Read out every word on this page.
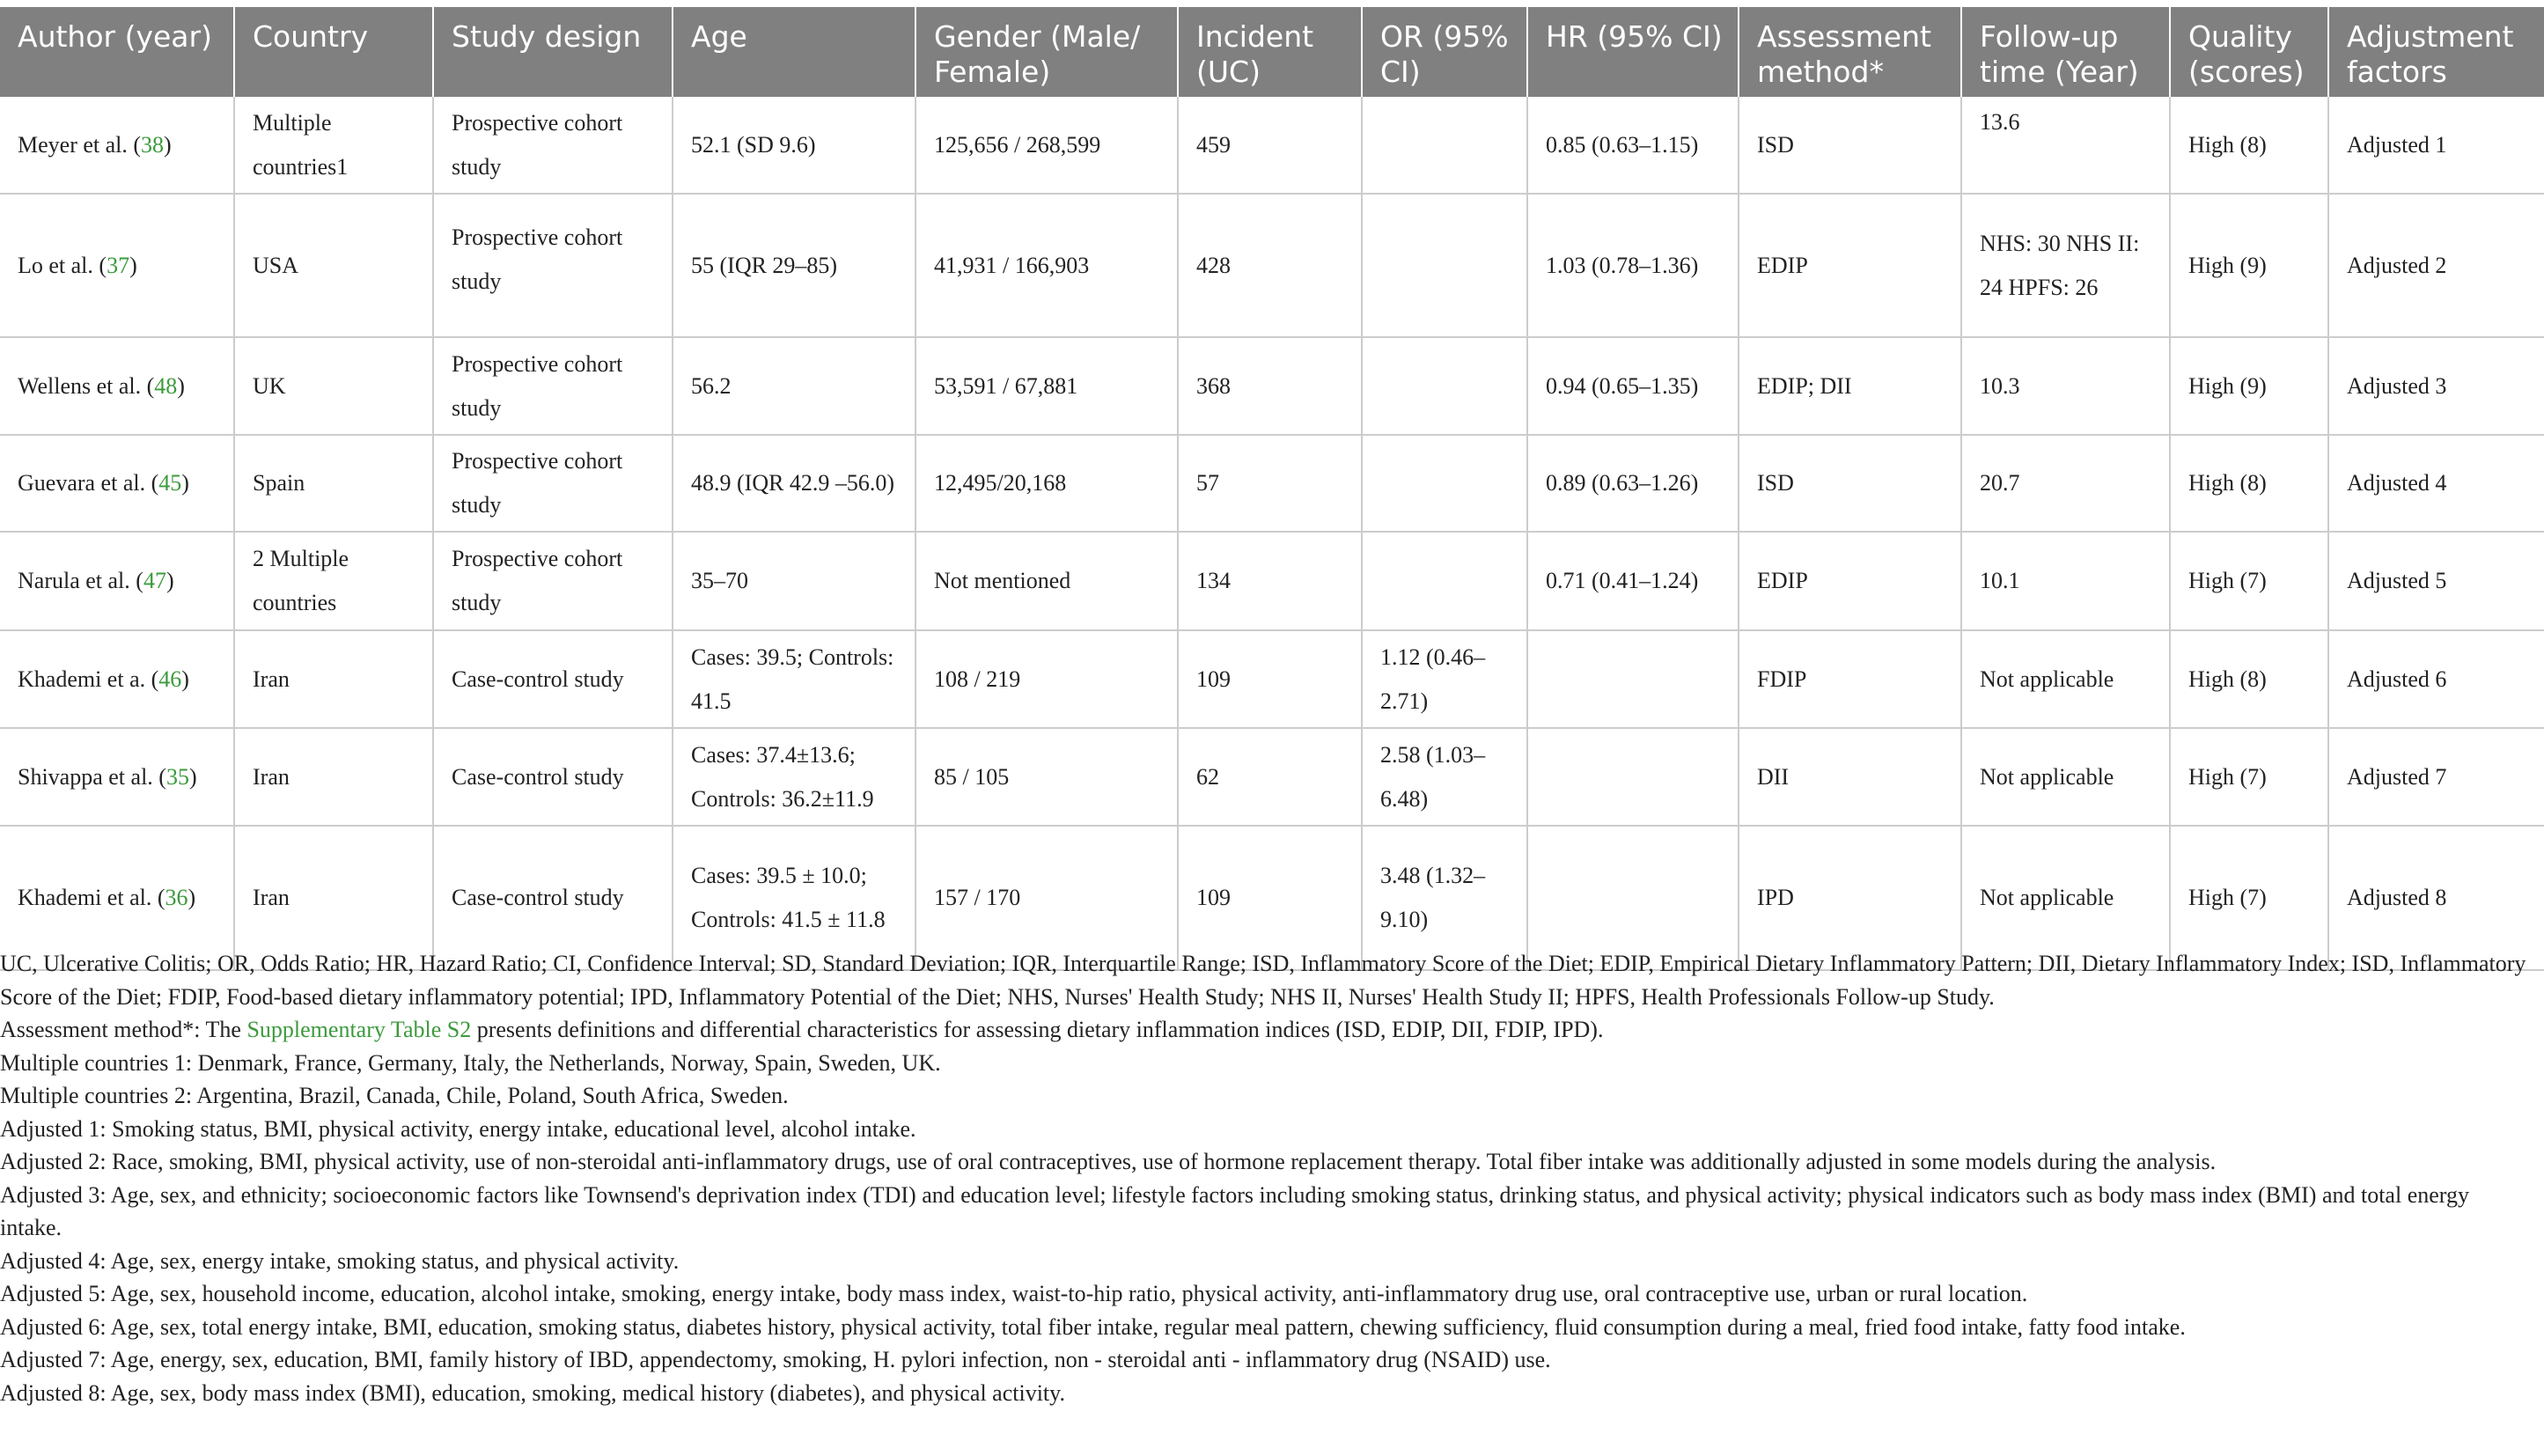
Author (year)	Country	Study design	Age	Gender (Male/ Female)	Incident (UC)	OR (95% CI)	HR (95% CI)	Assessment method*	Follow-up time (Year)	Quality (scores)	Adjustment factors
Meyer et al. (38)	Multiple countries1	Prospective cohort study	52.1 (SD 9.6)	125,656 / 268,599	459		0.85 (0.63–1.15)	ISD	13.6	High (8)	Adjusted 1
Lo et al. (37)	USA	Prospective cohort study	55 (IQR 29–85)	41,931 / 166,903	428		1.03 (0.78–1.36)	EDIP	NHS: 30 NHS II: 24 HPFS: 26	High (9)	Adjusted 2
Wellens et al. (48)	UK	Prospective cohort study	56.2	53,591 / 67,881	368		0.94 (0.65–1.35)	EDIP; DII	10.3	High (9)	Adjusted 3
Guevara et al. (45)	Spain	Prospective cohort study	48.9 (IQR 42.9 –56.0)	12,495/20,168	57		0.89 (0.63–1.26)	ISD	20.7	High (8)	Adjusted 4
Narula et al. (47)	2 Multiple countries	Prospective cohort study	35–70	Not mentioned	134		0.71 (0.41–1.24)	EDIP	10.1	High (7)	Adjusted 5
Khademi et a. (46)	Iran	Case-control study	Cases: 39.5; Controls: 41.5	108 / 219	109	1.12 (0.46–2.71)		FDIP	Not applicable	High (8)	Adjusted 6
Shivappa et al. (35)	Iran	Case-control study	Cases: 37.4±13.6; Controls: 36.2±11.9	85 / 105	62	2.58 (1.03–6.48)		DII	Not applicable	High (7)	Adjusted 7
Khademi et al. (36)	Iran	Case-control study	Cases: 39.5 ± 10.0; Controls: 41.5 ± 11.8	157 / 170	109	3.48 (1.32–9.10)		IPD	Not applicable	High (7)	Adjusted 8

UC, Ulcerative Colitis; OR, Odds Ratio; HR, Hazard Ratio; CI, Confidence Interval; SD, Standard Deviation; IQR, Interquartile Range; ISD, Inflammatory Score of the Diet; EDIP, Empirical Dietary Inflammatory Pattern; DII, Dietary Inflammatory Index; ISD, Inflammatory Score of the Diet; FDIP, Food-based dietary inflammatory potential; IPD, Inflammatory Potential of the Diet; NHS, Nurses' Health Study; NHS II, Nurses' Health Study II; HPFS, Health Professionals Follow-up Study.

Assessment method*: The Supplementary Table S2 presents definitions and differential characteristics for assessing dietary inflammation indices (ISD, EDIP, DII, FDIP, IPD).

Multiple countries 1: Denmark, France, Germany, Italy, the Netherlands, Norway, Spain, Sweden, UK.

Multiple countries 2: Argentina, Brazil, Canada, Chile, Poland, South Africa, Sweden.

Adjusted 1: Smoking status, BMI, physical activity, energy intake, educational level, alcohol intake.

Adjusted 2: Race, smoking, BMI, physical activity, use of non-steroidal anti-inflammatory drugs, use of oral contraceptives, use of hormone replacement therapy. Total fiber intake was additionally adjusted in some models during the analysis.

Adjusted 3: Age, sex, and ethnicity; socioeconomic factors like Townsend's deprivation index (TDI) and education level; lifestyle factors including smoking status, drinking status, and physical activity; physical indicators such as body mass index (BMI) and total energy intake.

Adjusted 4: Age, sex, energy intake, smoking status, and physical activity.

Adjusted 5: Age, sex, household income, education, alcohol intake, smoking, energy intake, body mass index, waist-to-hip ratio, physical activity, anti-inflammatory drug use, oral contraceptive use, urban or rural location.

Adjusted 6: Age, sex, total energy intake, BMI, education, smoking status, diabetes history, physical activity, total fiber intake, regular meal pattern, chewing sufficiency, fluid consumption during a meal, fried food intake, fatty food intake.

Adjusted 7: Age, energy, sex, education, BMI, family history of IBD, appendectomy, smoking, H. pylori infection, non - steroidal anti - inflammatory drug (NSAID) use.

Adjusted 8: Age, sex, body mass index (BMI), education, smoking, medical history (diabetes), and physical activity.
